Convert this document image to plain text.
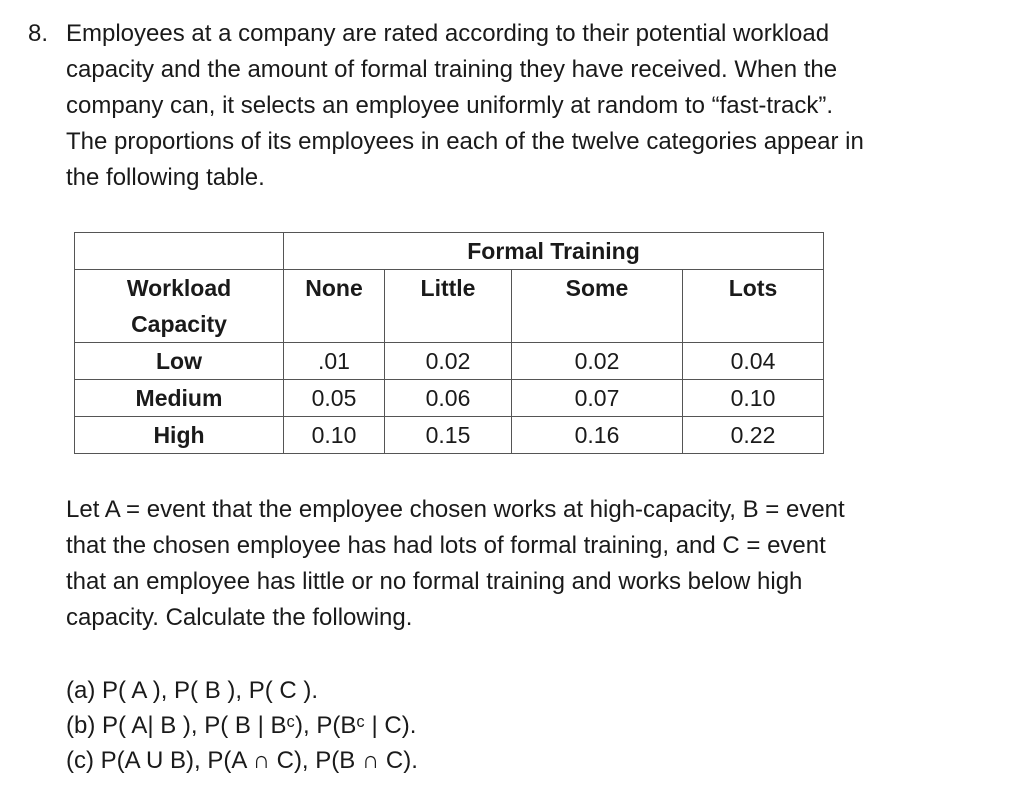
8. Employees at a company are rated according to their potential workload
capacity and the amount of formal training they have received. When the
company can, it selects an employee uniformly at random to “fast-track”.
The proportions of its employees in each of the twelve categories appear in
the following table.
	Formal Training			

Workload
Capacity	None	Little	Some	Lots

Low	.01	0.02	0.02	0.04
Medium	0.05	0.06	0.07	0.10
High	0.10	0.15	0.16	0.22
Let A = event that the employee chosen works at high-capacity, B = event
that the chosen employee has had lots of formal training, and C = event
that an employee has little or no formal training and works below high
capacity. Calculate the following.
(a) P( A ), P( B ), P( C ).
(b) P( A| B ), P( B | Bᶜ), P(Bᶜ | C).
(c) P(A U B), P(A ∩ C), P(B ∩ C).
